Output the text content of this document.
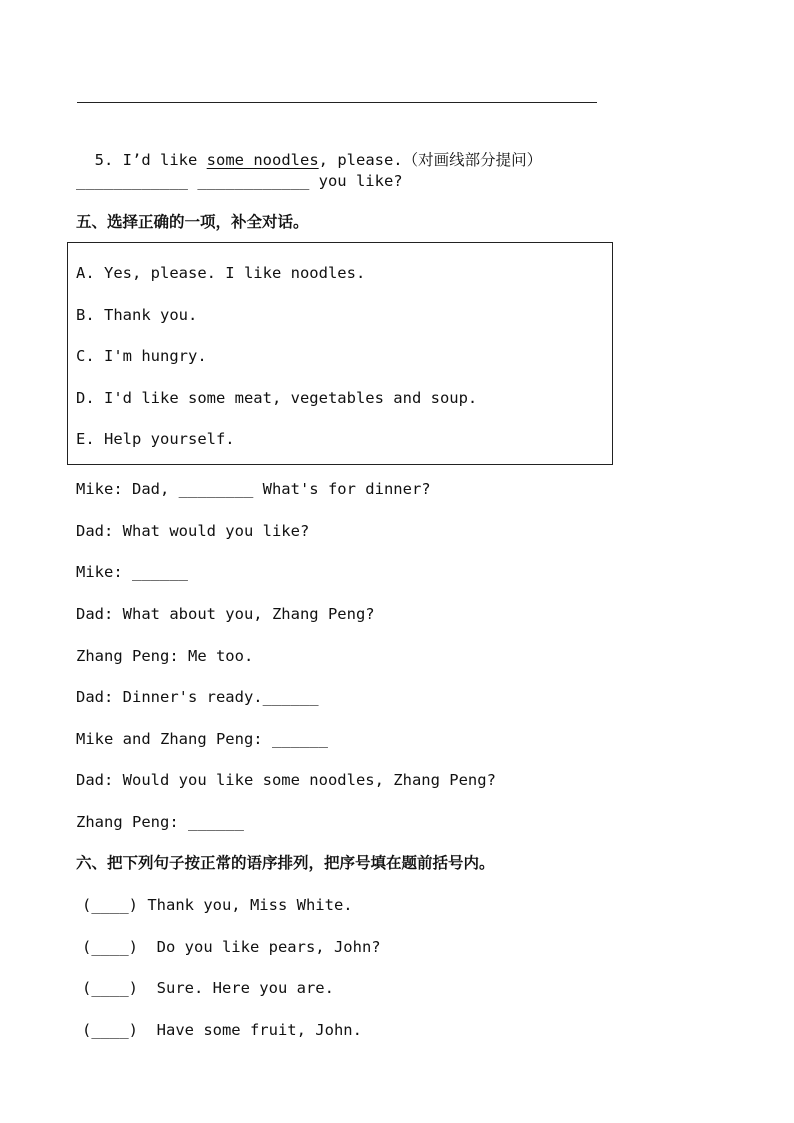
5. I’d like some noodles, please.（对画线部分提问）

____________ ____________ you like?
五、选择正确的一项，补全对话。
A. Yes, please. I like noodles.
B. Thank you.
C. I'm hungry.
D. I'd like some meat, vegetables and soup.
E. Help yourself.
Mike: Dad, ________ What's for dinner?
Dad: What would you like?
Mike: ______
Dad: What about you, Zhang Peng?
Zhang Peng: Me too.
Dad: Dinner's ready.______
Mike and Zhang Peng: ______
Dad: Would you like some noodles, Zhang Peng?
Zhang Peng: ______
六、把下列句子按正常的语序排列，把序号填在题前括号内。
(____) Thank you, Miss White.
(____)  Do you like pears, John?
(____)  Sure. Here you are.
(____)  Have some fruit, John.
